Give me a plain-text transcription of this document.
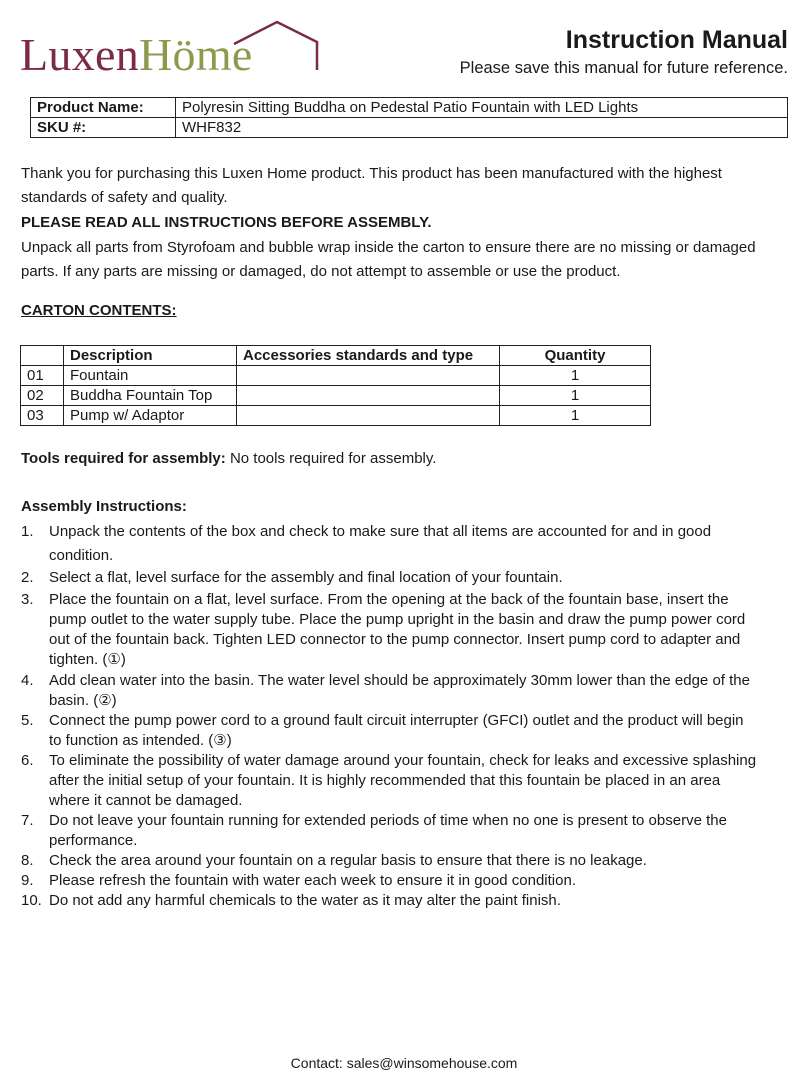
LuxenHöme	Instruction Manual
Please save this manual for future reference.
Product Name:	Polyresin Sitting Buddha on Pedestal Patio Fountain with LED Lights
SKU #:	WHF832
Thank you for purchasing this Luxen Home product. This product has been manufactured with the highest
standards of safety and quality.
PLEASE READ ALL INSTRUCTIONS BEFORE ASSEMBLY.
Unpack all parts from Styrofoam and bubble wrap inside the carton to ensure there are no missing or damaged
parts. If any parts are missing or damaged, do not attempt to assemble or use the product.
CARTON CONTENTS:
	Description	Accessories standards and type	Quantity
01	Fountain		1
02	Buddha Fountain Top		1
03	Pump w/ Adaptor		1
Tools required for assembly: No tools required for assembly.
Assembly Instructions:
1. Unpack the contents of the box and check to make sure that all items are accounted for and in good
condition.
2. Select a flat, level surface for the assembly and final location of your fountain.
3. Place the fountain on a flat, level surface. From the opening at the back of the fountain base, insert the
pump outlet to the water supply tube. Place the pump upright in the basin and draw the pump power cord
out of the fountain back. Tighten LED connector to the pump connector. Insert pump cord to adapter and
tighten. (①)
4. Add clean water into the basin. The water level should be approximately 30mm lower than the edge of the
basin. (②)
5. Connect the pump power cord to a ground fault circuit interrupter (GFCI) outlet and the product will begin
to function as intended. (③)
6. To eliminate the possibility of water damage around your fountain, check for leaks and excessive splashing
after the initial setup of your fountain. It is highly recommended that this fountain be placed in an area
where it cannot be damaged.
7. Do not leave your fountain running for extended periods of time when no one is present to observe the
performance.
8. Check the area around your fountain on a regular basis to ensure that there is no leakage.
9. Please refresh the fountain with water each week to ensure it in good condition.
10. Do not add any harmful chemicals to the water as it may alter the paint finish.
Contact: sales@winsomehouse.com
